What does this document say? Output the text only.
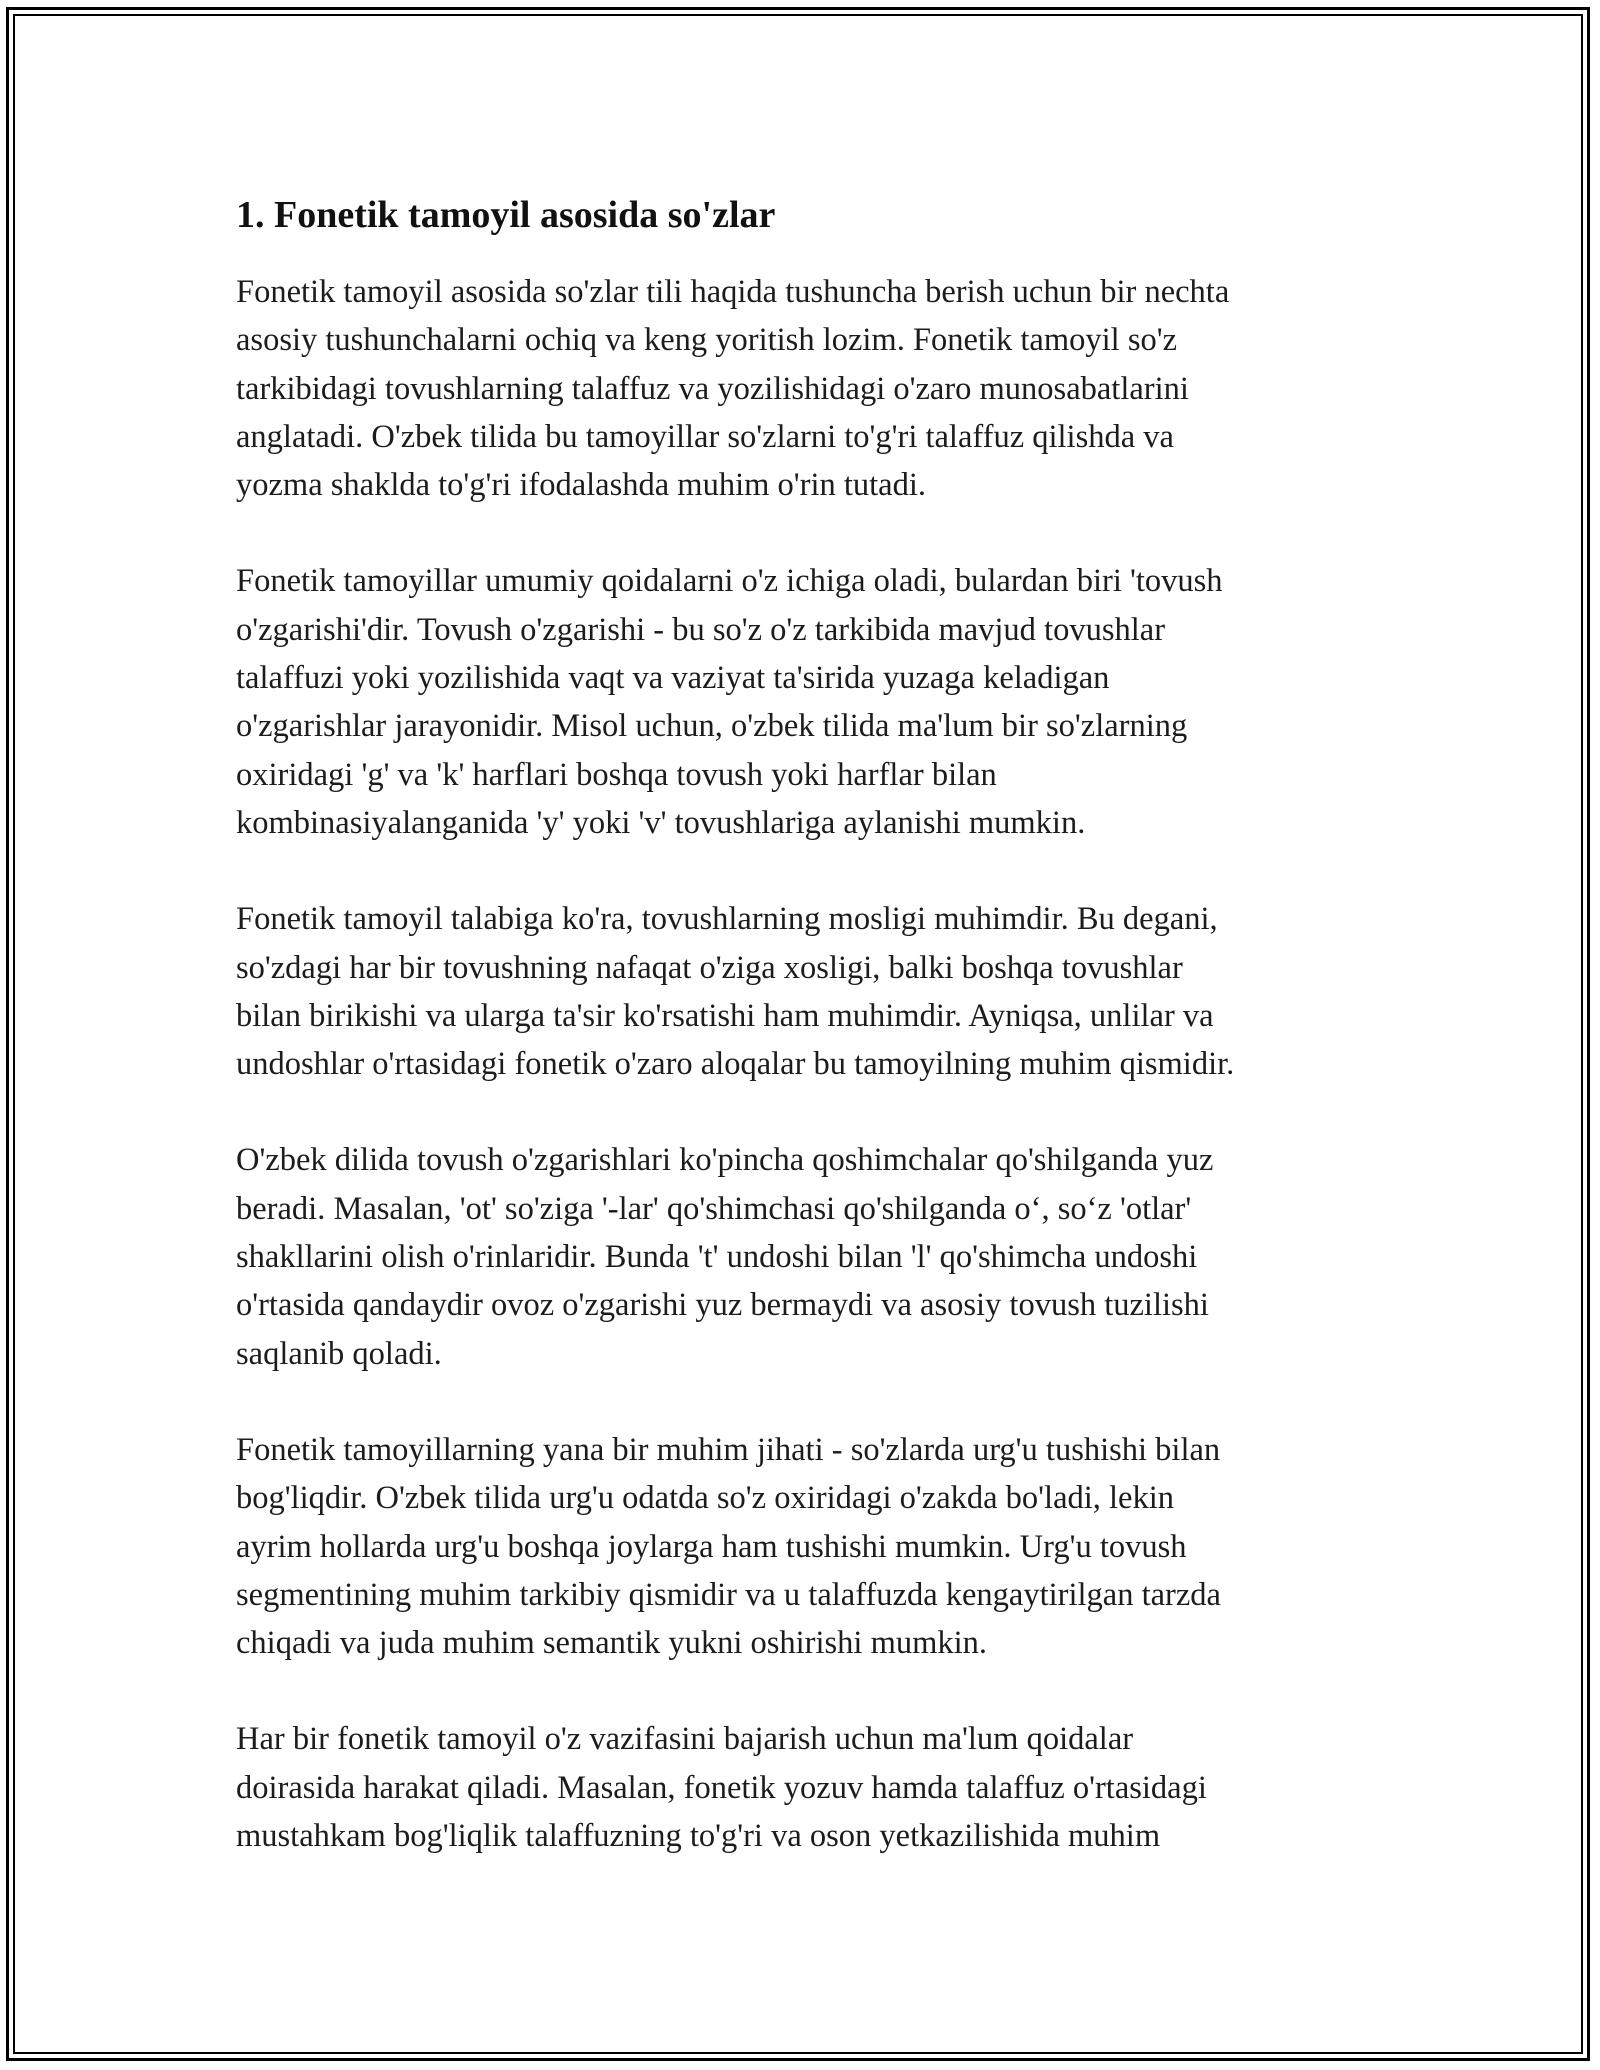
1. Fonetik tamoyil asosida so'zlar

Fonetik tamoyil asosida so'zlar tili haqida tushuncha berish uchun bir nechta
asosiy tushunchalarni ochiq va keng yoritish lozim. Fonetik tamoyil so'z
tarkibidagi tovushlarning talaffuz va yozilishidagi o'zaro munosabatlarini
anglatadi. O'zbek tilida bu tamoyillar so'zlarni to'g'ri talaffuz qilishda va
yozma shaklda to'g'ri ifodalashda muhim o'rin tutadi.

Fonetik tamoyillar umumiy qoidalarni o'z ichiga oladi, bulardan biri 'tovush
o'zgarishi'dir. Tovush o'zgarishi - bu so'z o'z tarkibida mavjud tovushlar
talaffuzi yoki yozilishida vaqt va vaziyat ta'sirida yuzaga keladigan
o'zgarishlar jarayonidir. Misol uchun, o'zbek tilida ma'lum bir so'zlarning
oxiridagi 'g' va 'k' harflari boshqa tovush yoki harflar bilan
kombinasiyalanganida 'y' yoki 'v' tovushlariga aylanishi mumkin.

Fonetik tamoyil talabiga ko'ra, tovushlarning mosligi muhimdir. Bu degani,
so'zdagi har bir tovushning nafaqat o'ziga xosligi, balki boshqa tovushlar
bilan birikishi va ularga ta'sir ko'rsatishi ham muhimdir. Ayniqsa, unlilar va
undoshlar o'rtasidagi fonetik o'zaro aloqalar bu tamoyilning muhim qismidir.

O'zbek dilida tovush o'zgarishlari ko'pincha qoshimchalar qo'shilganda yuz
beradi. Masalan, 'ot' so'ziga '-lar' qo'shimchasi qo'shilganda o‘, so‘z 'otlar'
shakllarini olish o'rinlaridir. Bunda 't' undoshi bilan 'l' qo'shimcha undoshi
o'rtasida qandaydir ovoz o'zgarishi yuz bermaydi va asosiy tovush tuzilishi
saqlanib qoladi.

Fonetik tamoyillarning yana bir muhim jihati - so'zlarda urg'u tushishi bilan
bog'liqdir. O'zbek tilida urg'u odatda so'z oxiridagi o'zakda bo'ladi, lekin
ayrim hollarda urg'u boshqa joylarga ham tushishi mumkin. Urg'u tovush
segmentining muhim tarkibiy qismidir va u talaffuzda kengaytirilgan tarzda
chiqadi va juda muhim semantik yukni oshirishi mumkin.

Har bir fonetik tamoyil o'z vazifasini bajarish uchun ma'lum qoidalar
doirasida harakat qiladi. Masalan, fonetik yozuv hamda talaffuz o'rtasidagi
mustahkam bog'liqlik talaffuzning to'g'ri va oson yetkazilishida muhim
